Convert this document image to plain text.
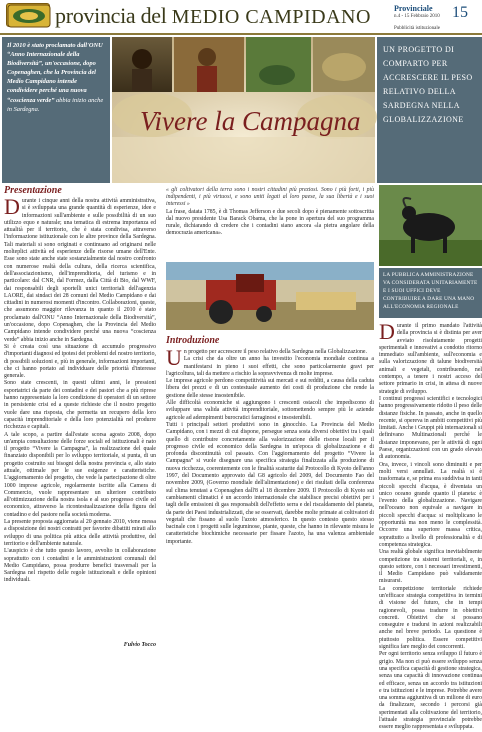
provincia del MEDIO CAMPIDANO	Provinciale
n.4 - 15 Febbraio 2010 15
Pubblicità istituzionale

Il 2010 è stato proclamato dall'ONU “Anno Internazionale della Biodiversità”, un'occasione, dopo Copenaghen, che la Provincia del Medio Campidano intende condividere perché una nuova “coscienza verde” abbia inizio anche in Sardegna.	Vivere la Campagna

UN PROGETTO DI COMPARTO PER ACCRESCERE IL PESO RELATIVO DELLA SARDEGNA NELLA GLOBALIZZAZIONE

Presentazione

Durante i cinque anni della nostra attività amministrativa, si è sviluppata una grande quantità di esperienze, idee e informazioni sull'ambiente e sulle possibilità di un suo utilizzo equo e naturale; una tematica di estrema importanza ed attualità per il territorio, che è stata condivisa, attraverso l'informazione istituzionale con le altre province della Sardegna. Tali materiali si sono originati e continuano ad originarsi nelle molteplici attività ed esperienze delle risorse umane dell'Ente. Esse sono state anche state sostanzialmente dal nostro confronto con numerose realtà della cultura, della ricerca scientifica, dell'associazionismo, dell'imprenditoria, del turismo e in particolare: dal CNR, dal Formez, dalla Città di Bio, dal WWF, dai responsabili degli sportelli unici territoriali dell'agenzia LAORE, dai sindaci dei 28 comuni del Medio Campidano e dai cittadini in numerosi momenti d'incontro. Collaborazioni, queste, che assumono maggior rilevanza in quanto il 2010 è stato proclamato dall'ONU “Anno Internazionale della Biodiversità”, un'occasione, dopo Copenaghen, che la Provincia del Medio Campidano intende condividere perché una nuova “coscienza verde” abbia inizio anche in Sardegna.

Si è creata così una situazione di accumulo progressivo d'importanti diagnosi ed ipotesi dei problemi del nostro territorio, di possibili soluzioni e, più in generale, informazioni importanti, che ci hanno portato ad individuare delle priorità d'interesse generale.

Sono state crescenti, in questi ultimi anni, le pressioni esportatrici da parte dei contadini e dei pastori che a più riprese hanno rappresentato la loro condizione di operatori di un settore in persistente crisi ed a queste richieste che il nostro progetto vuole dare una risposta, che permetta un recupero della loro capacità imprenditoriale e della loro potenzialità nel produrre ricchezza e capitali.

A tale scopo, a partire dall'estate scorsa agosto 2008, dopo un'ampia consultazione delle forze sociali ed istituzionali è nato il progetto “Vivere la Campagna”, la realizzazione del quale finanziato disponibili per lo sviluppo territoriale, si punta, di un progetto costruito sui bisogni della nostra provincia e, allo stato attuale, ottimale per le sue esigenze e caratteristiche. L'aggiornamento del progetto, che vede la partecipazione di oltre 1000 imprese agricole, regolarmente iscritte alla Camera di Commercio, vuole rappresentare un ulteriore contributo all'ottimizzazione della nostra isola e al suo progresso civile ed economico, attraverso la ricontestualizzazione della figura del contadino e del pastore nella società moderna.

La presente proposta aggiornata al 20 gennaio 2010, viene messa a disposizione dei nostri contratti per favorire dibattiti mirati allo sviluppo di una politica più attica delle attività produttive, del territorio e dell'ambiente naturale.

L'auspicio è che tutto questo lavoro, avvolto in collaborazione soprattutto con i contadini e le amministrazioni comunali del Medio Campidano, possa produrre benefici trasversali per la Sardegna nel rispetto delle regole istituzionali e delle opinioni individuali.

Fulvio Tocco

« gli coltivatori della terra sono i nostri cittadini più preziosi. Sono i più forti, i più indipendenti, i più virtuosi, e sono uniti legati al loro paese, la sua libertà e i suoi interessi »

La frase, datata 1785, è di Thomas Jefferson e due secoli dopo è pienamente sottoscritta dal nuovo presidente Usa Barack Obama, che la pone in apertura del suo programma rurale, dichiarando di credere che i contadini siano ancora «la pietra angolare della democrazia americana».

Introduzione

Un progetto per accrescere il peso relativo della Sardegna nella Globalizzazione.

La crisi che da oltre un anno ha investito l'economia mondiale continua a manifestarsi in pieno i suoi effetti, che sono particolarmente gravi per l'agricoltura, tali da mettere a rischio la sopravvivenza di molte imprese.

Le imprese agricole perdono competitività sui mercati e sui redditi, a causa della caduta libera dei prezzi e di un contestuale aumento dei costi di produzione che rende la gestione delle stesse insostenibile.

Alle difficoltà economiche si aggiungono i crescenti ostacoli che impediscono di sviluppare una valida attività imprenditoriale, sottomettendo sempre più le aziende agricole ad adempimenti burocratici farraginosi e insostenibili.

Tutti i principali settori produttivi sono in ginocchio. La Provincia del Medio Campidano, con i mezzi di cui dispone, persegue senza sosta diversi obiettivi tra i quali quello di contribuire concretamente alla valorizzazione delle risorse locali per il progresso civile ed economico della Sardegna in un'epoca di globalizzazione e di profonda discontinuità col passato. Con l'aggiornamento del progetto “Vivere la Campagna” si vuole disegnare una specifica strategia finalizzata alla produzione di nuova ricchezza, coerentemente con le finalità scaturite dal Protocollo di Kyoto dell'anno 1997, del Documento approvato dal G8 agricolo del 2009, del Documento Fao del novembre 2009, (Governo mondiale dell'alimentazione) e dei risultati della conferenza sul clima tenutasi a Copenaghen dall'8 al 18 dicembre 2009. Il Protocollo di Kyoto sui cambiamenti climatici è un accordo internazionale che stabilisce precisi obiettivi per i tagli delle emissioni di gas responsabili dell'effetto serra e del riscaldamento del pianeta, da parte dei Paesi industrializzati, che se osservati, darebbe molte primate ai coltivatori di vegetali che fissano al suolo l'azoto atmosferico. In questo contesto questo stesso bacinale con i progetti sulle leguminose, piante, queste, che hanno in rilevante misura le caratteristiche biochimiche necessarie per fissare l'azoto, ha una valenza ambientale importante.

LA PUBBLICA AMMINISTRAZIONE VA CONSIDERATA UNITARIAMENTE E I SUOI UFFICI DEVE CONTRIBUIRE A DARE UNA MANO ALL'ECONOMIA REGIONALE

Durante il primo mandato l'attività della provincia si è distinta per aver avviato risolutamente progetti sperimentali e innovativi a condotto ritorno immediato sull'ambiente, sull'economia e sulla valorizzazione di talune biodiversità animali e vegetali, contribuendo, nel contempo, a tenere i nostri acceso del settore primario in crisi, in attesa di nuove strategie di sviluppo.

I continui progressi scientifici e tecnologici hanno progressivamente ridotto il peso delle distanze fisiche. In passato, anche in quello recente, si opereva in ambiti competitivi più limitati. Anche i Gruppi più internazionali si definivano Multinazionali perché le distanze imponevano, per le attività di ogni Paese, organizzazioni con un grado elevato di autonomia.

Ora, invece, i vincoli sono diminuiti e per molti versi annullati. La realtà si è trasformata e, se prima era suddivisa in tanti piccoli specchi d'acqua, è diventata un unico oceano grande quanto il pianeta: è l'evento della globalizzazione. Navigare nell'oceano non equivale a navigare in piccoli specchi d'acqua: si moltiplicano le opportunità ma non meno le complessità. Occorre una superiore massa critica, soprattutto a livello di professionalità e di competenza strategica.

Una realtà globale significa inevitabilmente competizione tra sistemi territoriali, e, in questo settore, con i necessari investimenti, il Medio Campidano può validamente misurarsi.

La competizione territoriale richiede un'efficace strategia competitiva in termini di visione del futuro, che in tempi ragionevoli, possa tradurre in obiettivi concreti. Obiettivi che si possano conseguire e tradursi in azioni realizzabili anche nel breve periodo. La questione è piuttosto politica. Essere competitivi significa fare meglio dei concorrenti.

Per ogni territorio senza sviluppo il futuro è grigio. Ma non ci può essere sviluppo senza una specifica capacità di gestione strategica, senza una capacità di innovazione continua ed efficace, senza un accordo tra istituzioni e tra istituzioni e le imprese. Potrebbe avere una somma aggiuntiva di un milione di euro da finalizzare, secondo i percorsi già sperimentati alla coltivazione del territorio, l'attuale strategia provinciale potrebbe essere meglio rappresentata e sviluppata.
